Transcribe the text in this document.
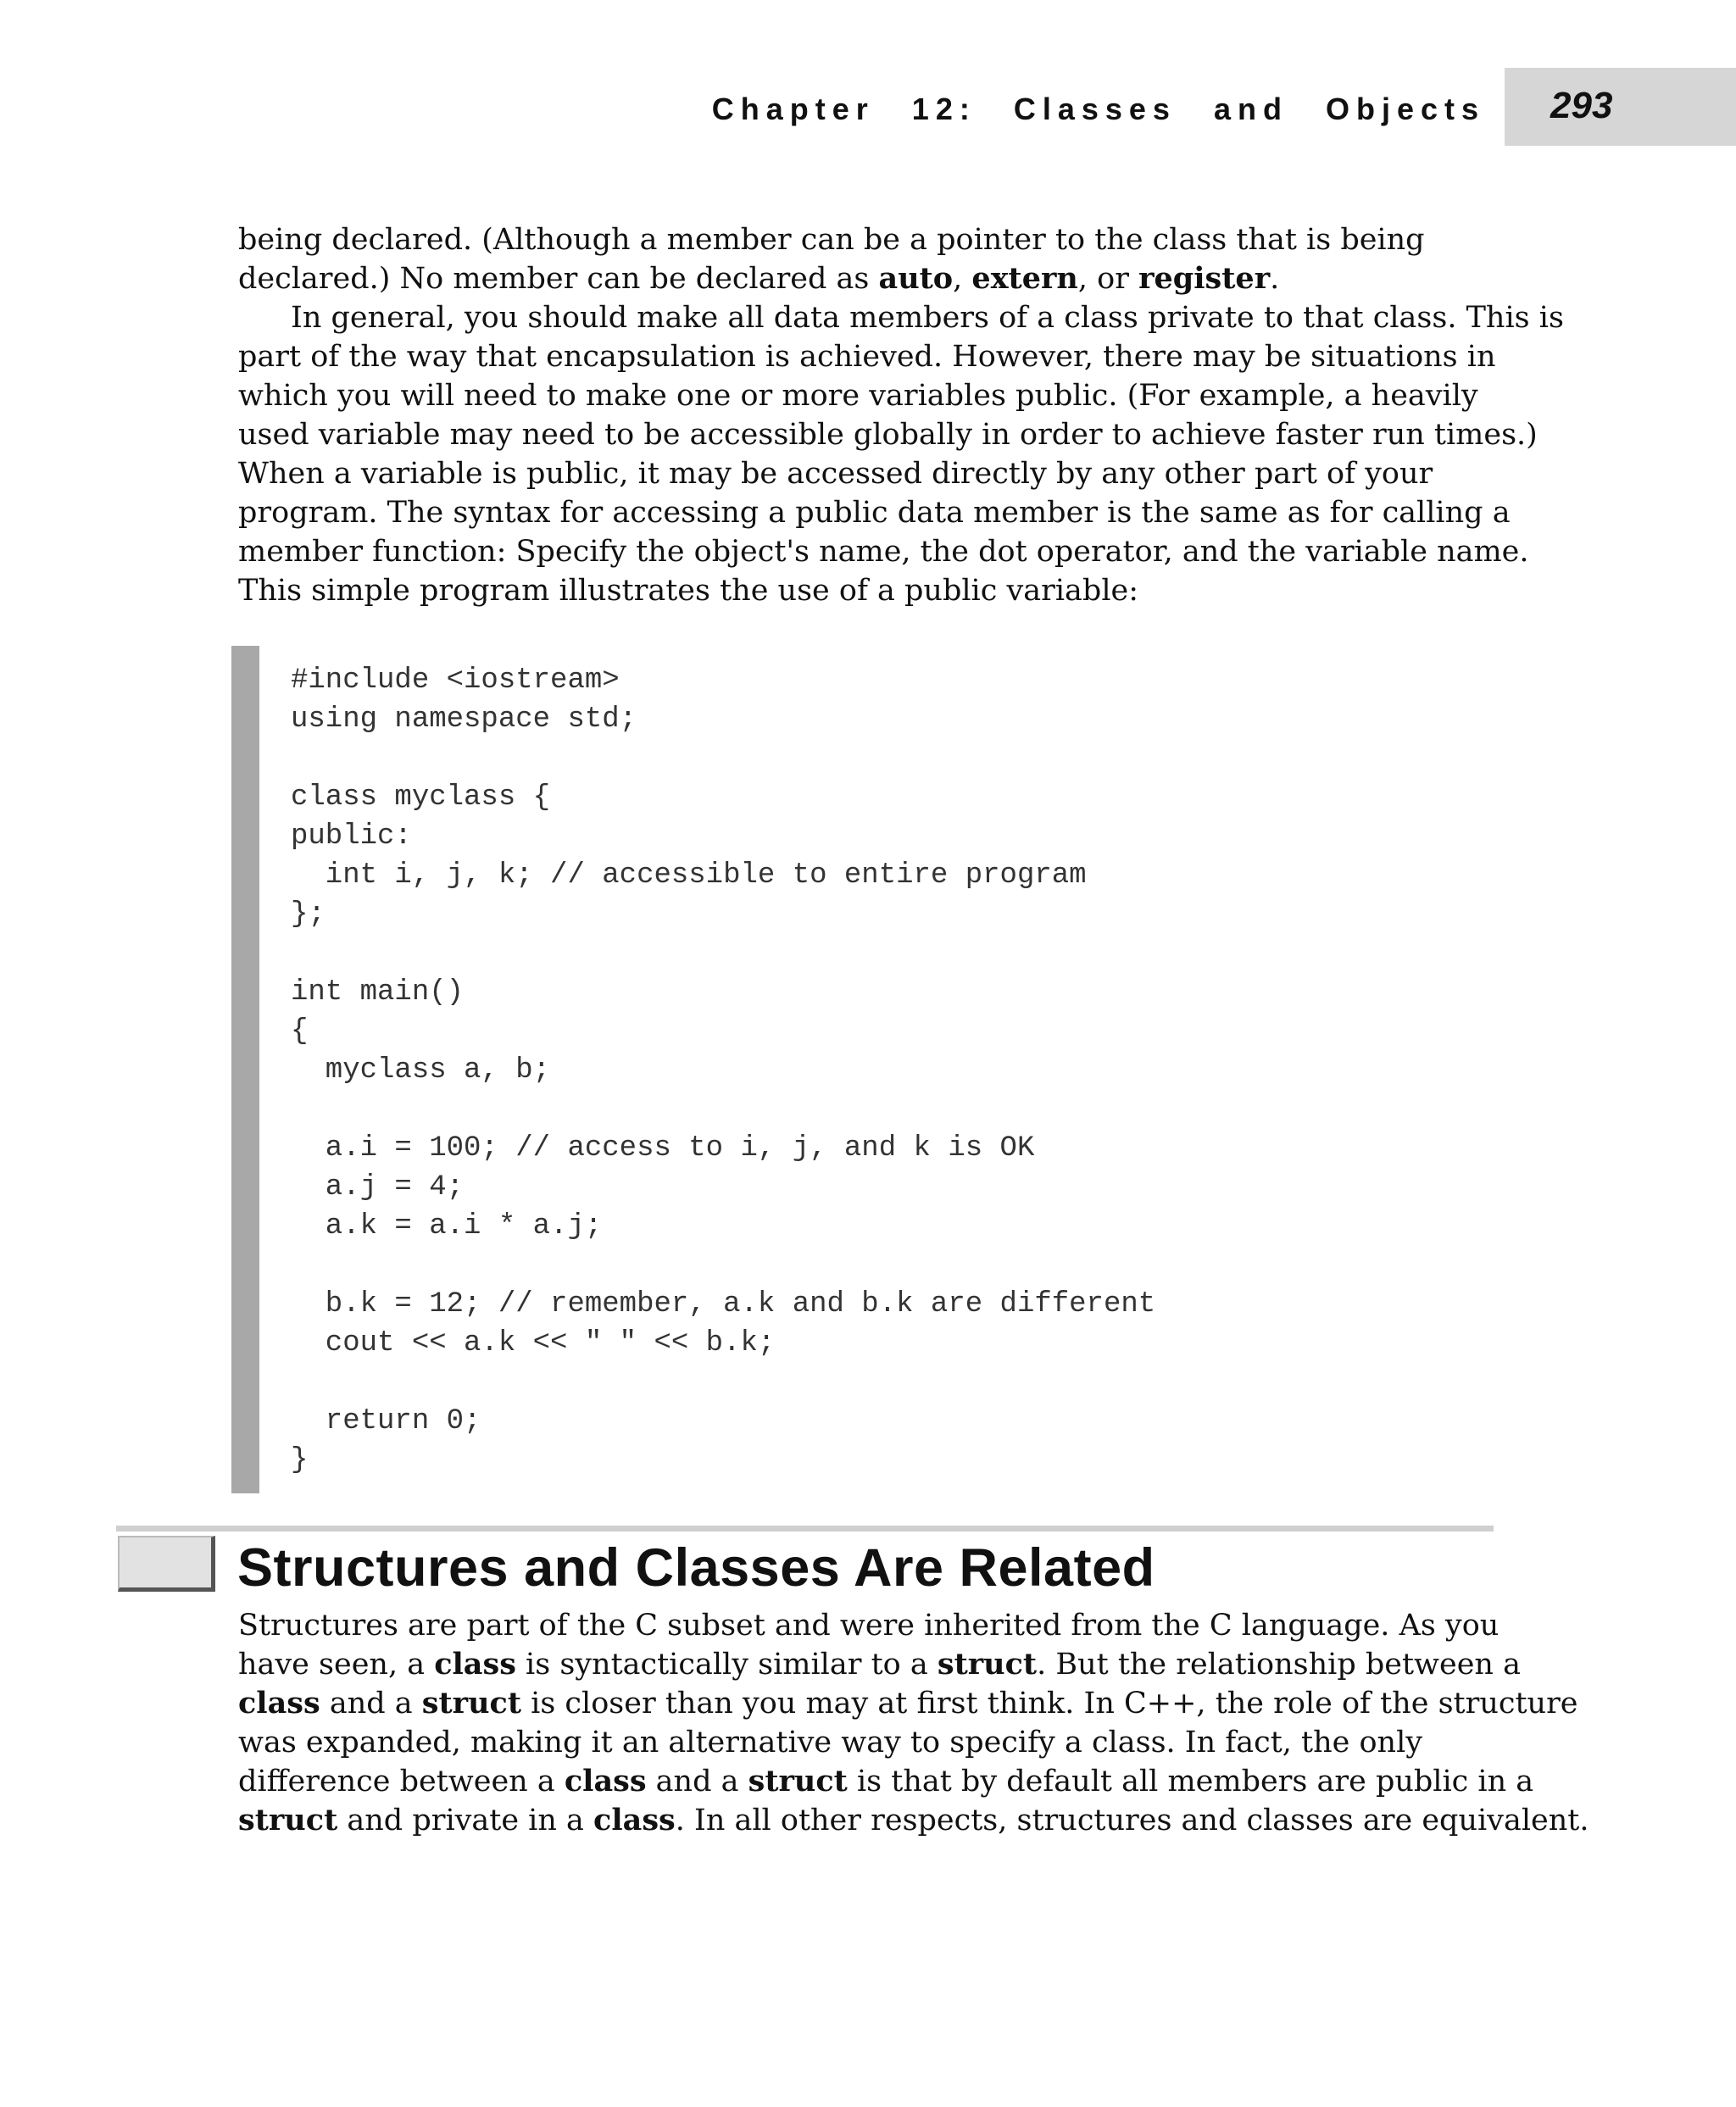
Chapter 12: Classes and Objects 293
being declared. (Although a member can be a pointer to the class that is being
declared.) No member can be declared as auto, extern, or register.
In general, you should make all data members of a class private to that class. This is
part of the way that encapsulation is achieved. However, there may be situations in
which you will need to make one or more variables public. (For example, a heavily
used variable may need to be accessible globally in order to achieve faster run times.)
When a variable is public, it may be accessed directly by any other part of your
program. The syntax for accessing a public data member is the same as for calling a
member function: Specify the object's name, the dot operator, and the variable name.
This simple program illustrates the use of a public variable:
#include <iostream>
using namespace std;

class myclass {
public:
int i, j, k; // accessible to entire program
};

int main()
{
myclass a, b;

a.i = 100; // access to i, j, and k is OK
a.j = 4;
a.k = a.i * a.j;

b.k = 12; // remember, a.k and b.k are different
cout << a.k << " " << b.k;

return 0;
}
Structures and Classes Are Related
Structures are part of the C subset and were inherited from the C language. As you
have seen, a class is syntactically similar to a struct. But the relationship between a
class and a struct is closer than you may at first think. In C++, the role of the structure
was expanded, making it an alternative way to specify a class. In fact, the only
difference between a class and a struct is that by default all members are public in a
struct and private in a class. In all other respects, structures and classes are equivalent.
